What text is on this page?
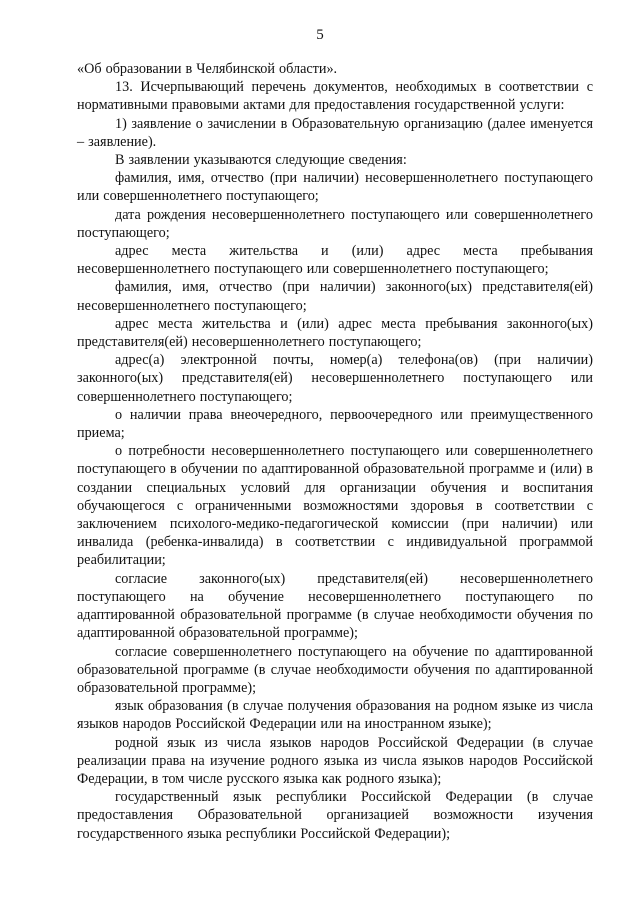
5

«Об образовании в Челябинской области».

13. Исчерпывающий перечень документов, необходимых в соответствии с нормативными правовыми актами для предоставления государственной услуги:

1) заявление о зачислении в Образовательную организацию (далее именуется – заявление).

В заявлении указываются следующие сведения:

фамилия, имя, отчество (при наличии) несовершеннолетнего поступающего или совершеннолетнего поступающего;

дата рождения несовершеннолетнего поступающего или совершеннолетнего поступающего;

адрес места жительства и (или) адрес места пребывания несовершеннолетнего поступающего или совершеннолетнего поступающего;

фамилия, имя, отчество (при наличии) законного(ых) представителя(ей) несовершеннолетнего поступающего;

адрес места жительства и (или) адрес места пребывания законного(ых) представителя(ей) несовершеннолетнего поступающего;

адрес(а) электронной почты, номер(а) телефона(ов) (при наличии) законного(ых) представителя(ей) несовершеннолетнего поступающего или совершеннолетнего поступающего;

о наличии права внеочередного, первоочередного или преимущественного приема;

о потребности несовершеннолетнего поступающего или совершеннолетнего поступающего в обучении по адаптированной образовательной программе и (или) в создании специальных условий для организации обучения и воспитания обучающегося с ограниченными возможностями здоровья в соответствии с заключением психолого-медико-педагогической комиссии (при наличии) или инвалида (ребенка-инвалида) в соответствии с индивидуальной программой реабилитации;

согласие законного(ых) представителя(ей) несовершеннолетнего поступающего на обучение несовершеннолетнего поступающего по адаптированной образовательной программе (в случае необходимости обучения по адаптированной образовательной программе);

согласие совершеннолетнего поступающего на обучение по адаптированной образовательной программе (в случае необходимости обучения по адаптированной образовательной программе);

язык образования (в случае получения образования на родном языке из числа языков народов Российской Федерации или на иностранном языке);

родной язык из числа языков народов Российской Федерации (в случае реализации права на изучение родного языка из числа языков народов Российской Федерации, в том числе русского языка как родного языка);

государственный язык республики Российской Федерации (в случае предоставления Образовательной организацией возможности изучения государственного языка республики Российской Федерации);
